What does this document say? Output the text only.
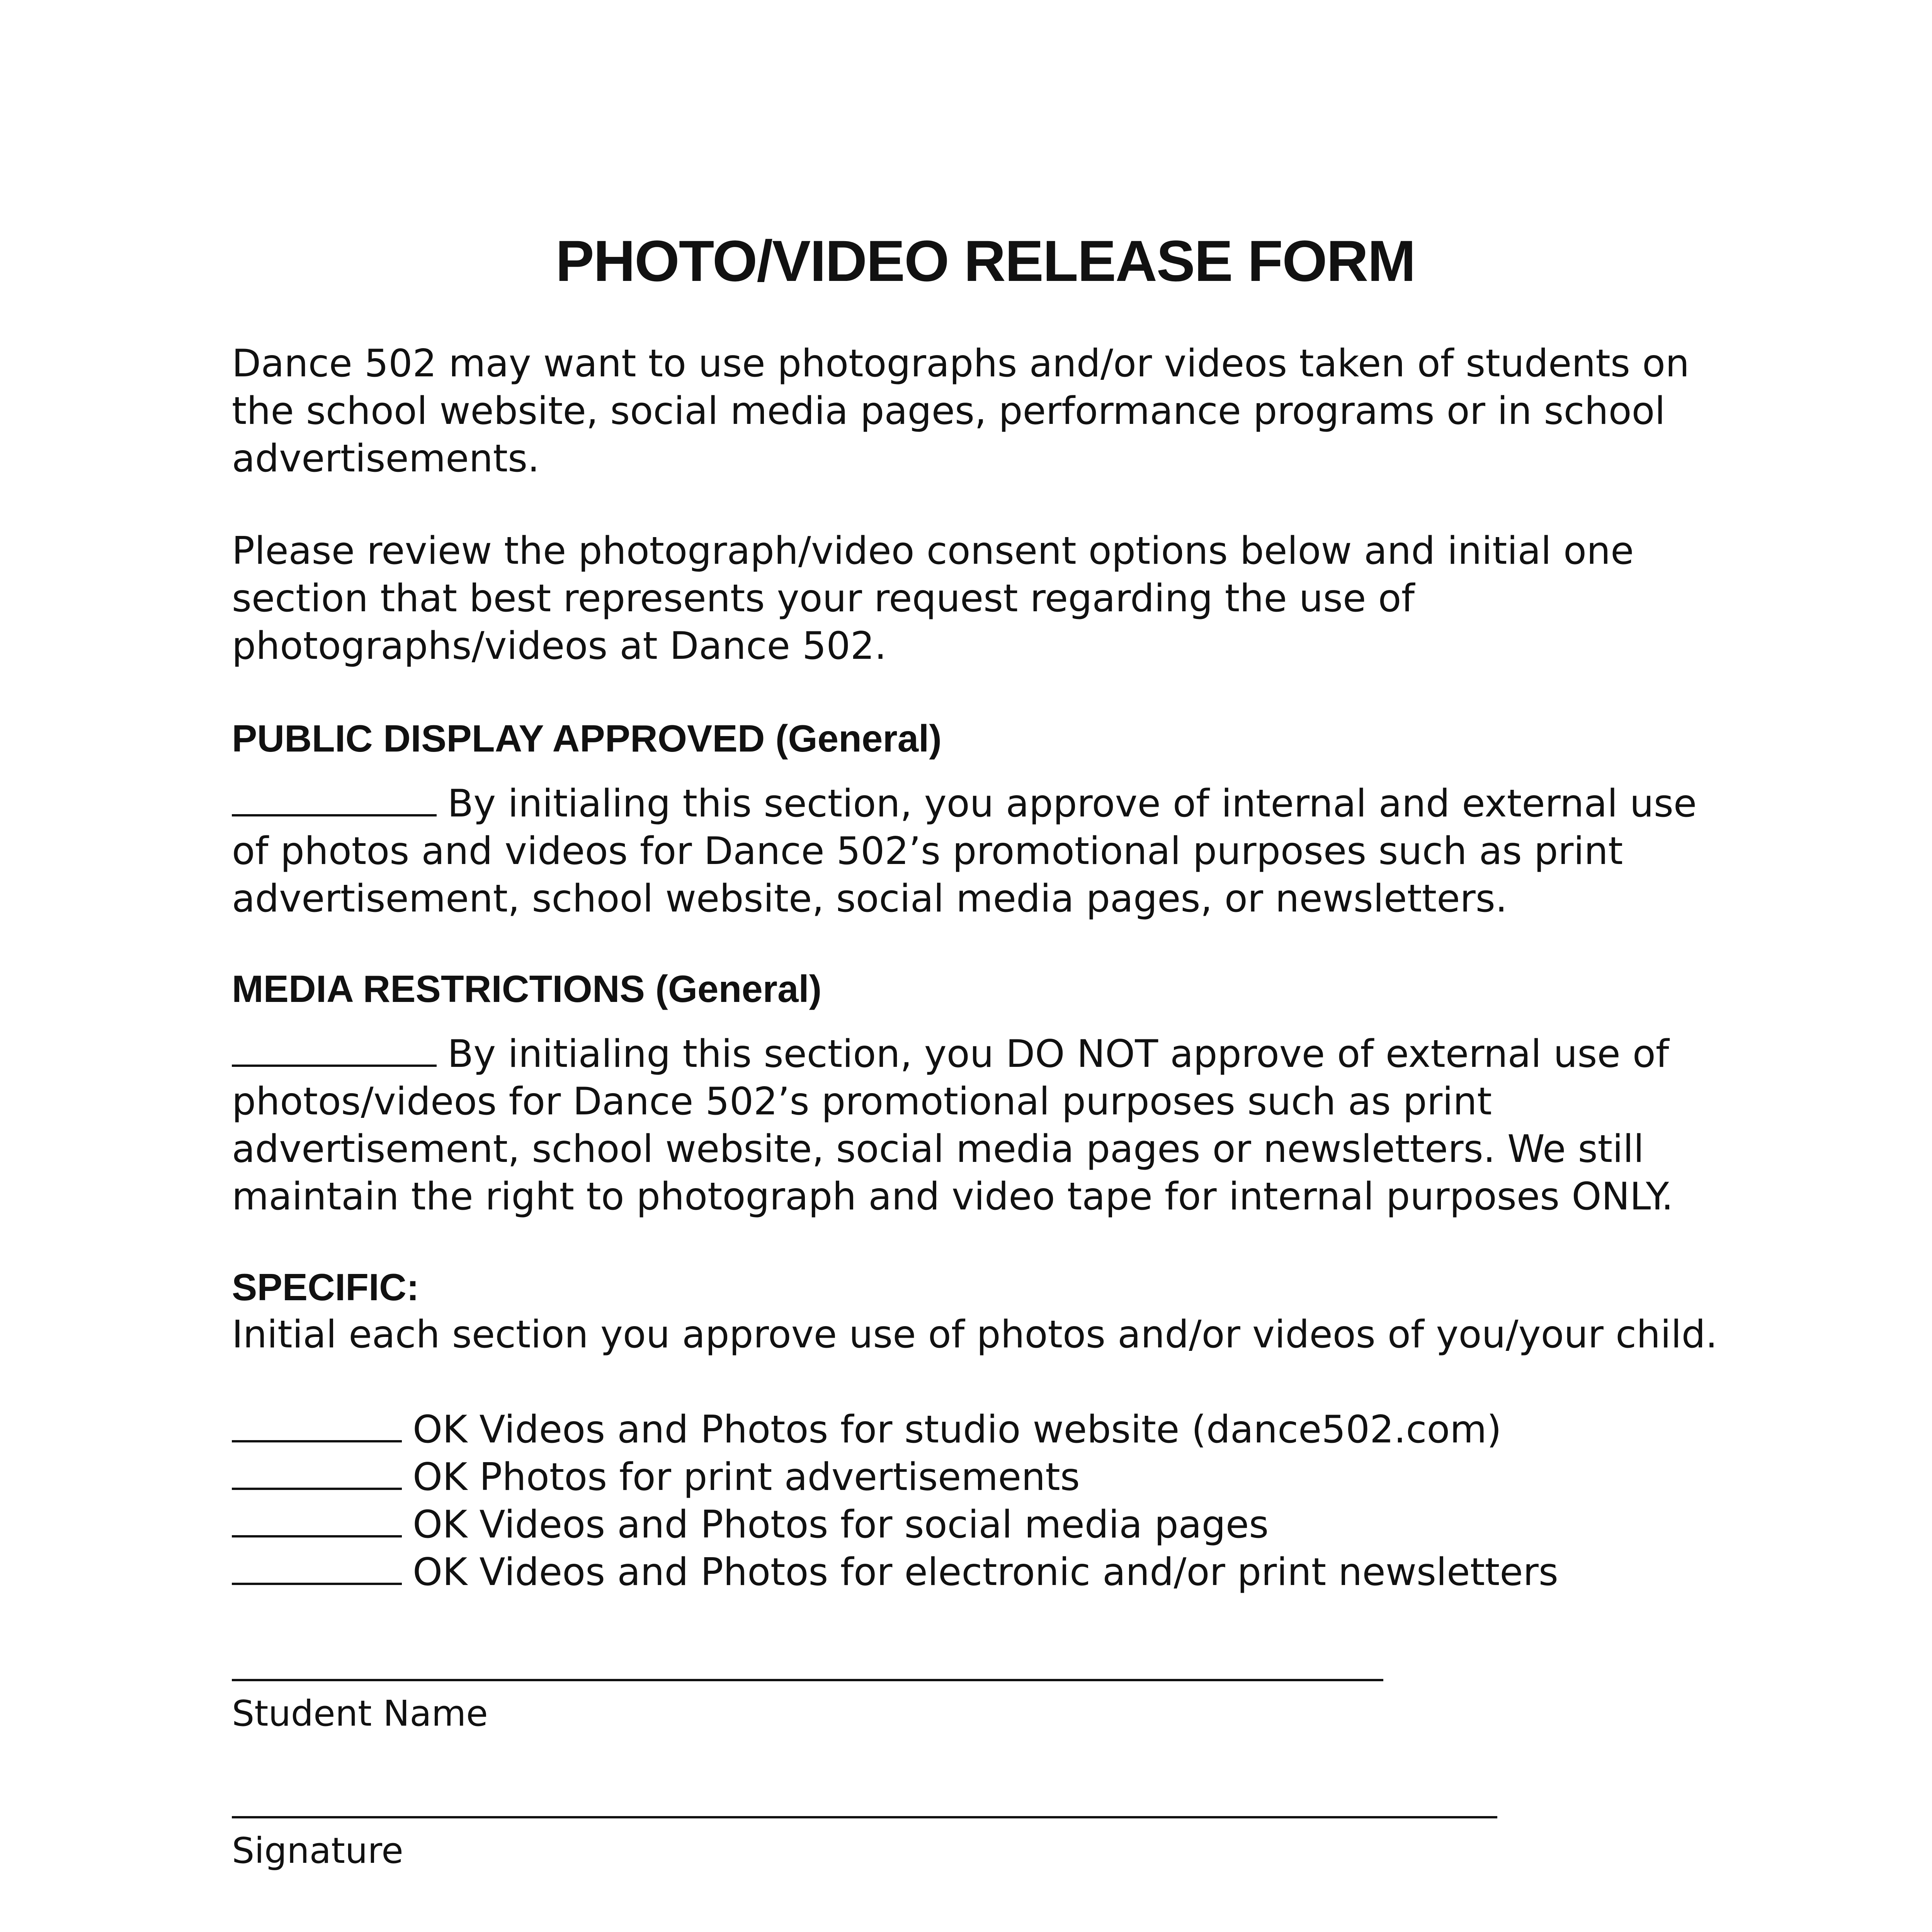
PHOTO/VIDEO RELEASE FORM

Dance 502 may want to use photographs and/or videos taken of students on the school website, social media pages, performance programs or in school advertisements.

Please review the photograph/video consent options below and initial one section that best represents your request regarding the use of photographs/videos at Dance 502.

PUBLIC DISPLAY APPROVED (General)

By initialing this section, you approve of internal and external use of photos and videos for Dance 502’s promotional purposes such as print advertisement, school website, social media pages, or newsletters.

MEDIA RESTRICTIONS (General)

By initialing this section, you DO NOT approve of external use of photos/videos for Dance 502’s promotional purposes such as print advertisement, school website, social media pages or newsletters. We still maintain the right to photograph and video tape for internal purposes ONLY.

SPECIFIC:

Initial each section you approve use of photos and/or videos of you/your child.

OK Videos and Photos for studio website (dance502.com)

OK Photos for print advertisements

OK Videos and Photos for social media pages

OK Videos and Photos for electronic and/or print newsletters

Student Name

Signature
